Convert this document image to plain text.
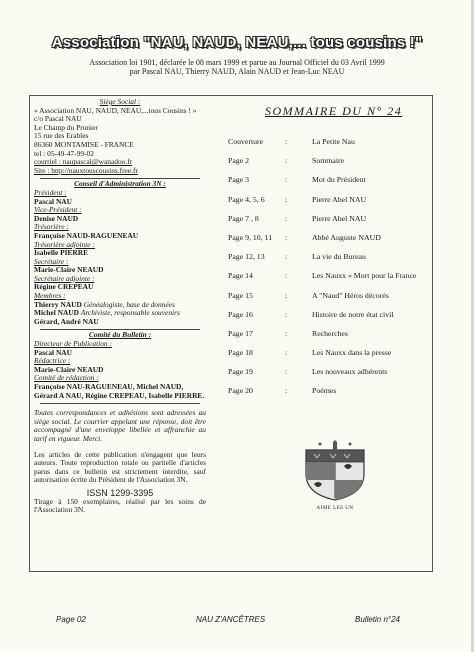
Association "NAU, NAUD, NEAU,... tous cousins !"
Association loi 1901, déclarée le 08 mars 1999 et parue au Journal Officiel du 03 Avril 1999
par Pascal NAU, Thierry NAUD, Alain NAUD et Jean-Luc NEAU
Siège Social :
« Association NAU, NAUD, NEAU,...tous Cousins ! »
c/o Pascal NAU
Le Champ du Prunier
15 rue des Erables
86360 MONTAMISE - FRANCE
tel : 05-49-47-99-02
courriel : naupascal@wanadoo.fr
Site : http://nauxtouscousins.free.fr
Conseil d'Administration 3N :
Président :
Pascal NAU
Vice-Président :
Denise NAUD
Trésorière :
Françoise NAUD-RAGUENEAU
Trésorière adjointe :
Isabelle PIERRE
Secrétaire :
Marie-Claire NEAUD
Secrétaire adjointe :
Régine CREPEAU
Membres :
Thierry NAUD Généalogiste, base de données
Michel NAUD Archiviste, responsable souvenirs
Gérard, André NAU
Comité du Bulletin :
Directeur de Publication :
Pascal NAU
Rédactrice :
Marie-Claire NEAUD
Comité de rédaction :
Françoise NAU-RAGUENEAU, Michel NAUD, Gérard A NAU, Régine CREPEAU, Isabelle PIERRE.
Toutes correspondances et adhésions sont adressées au siège social. Le courrier appelant une réponse, doit être accompagné d'une enveloppe libellée et affranchie au tarif en vigueur. Merci.
Les articles de cette publication n'engagent que leurs auteurs. Toute reproduction totale ou partielle d'articles parus dans ce bulletin est strictement interdite, sauf autorisation écrite du Président de l'Association 3N.
ISSN 1299-3395
Tirage à 150 exemplaires, réalisé par les soins de l'Association 3N.
SOMMAIRE DU N° 24
Couverture	:	La Petite Nau
Page 2	:	Sommaire
Page 3	:	Mot du Président
Page 4, 5, 6	:	Pierre Abel NAU
Page 7 , 8	:	Pierre Abel NAU
Page 9, 10, 11 :	Abbé Auguste NAUD
Page 12, 13	:	La vie du Bureau
Page 14	:	Les Nauxx « Mort pour la France
Page 15	:	A "Naud" Héros décorés
Page 16	:	Histoire de notre état civil
Page 17	:	Recherches
Page 18	:	Les Nauxx dans la presse
Page 19	:	Les nouveaux adhérents
Page 20	:	Poèmes
AIME LES UN
Page 02	NAU Z'ANCÊTRES	Bulletin n°24
